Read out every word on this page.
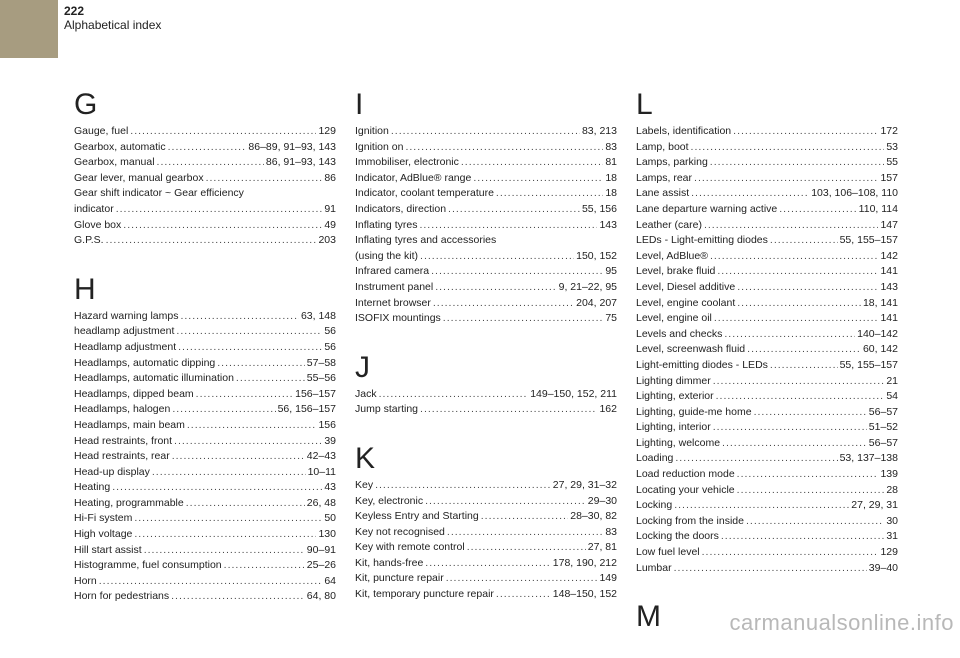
222
Alphabetical index
G
Gauge, fuel .....	129
Gearbox, automatic .....	86–89, 91–93, 143
Gearbox, manual .....	86, 91–93, 143
Gear lever, manual gearbox .....	86
Gear shift indicator ~ Gear efficiency
indicator .....	91
Glove box .....	49
G.P.S. .....	203
H
Hazard warning lamps .....	63, 148
headlamp adjustment .....	56
Headlamp adjustment .....	56
Headlamps, automatic dipping .....	57–58
Headlamps, automatic illumination .....	55–56
Headlamps, dipped beam .....	156–157
Headlamps, halogen .....	56, 156–157
Headlamps, main beam .....	156
Head restraints, front .....	39
Head restraints, rear .....	42–43
Head-up display .....	10–11
Heating .....	43
Heating, programmable .....	26, 48
Hi-Fi system .....	50
High voltage .....	130
Hill start assist .....	90–91
Histogramme, fuel consumption .....	25–26
Horn .....	64
Horn for pedestrians .....	64, 80
I
Ignition .....	83, 213
Ignition on .....	83
Immobiliser, electronic .....	81
Indicator, AdBlue® range .....	18
Indicator, coolant temperature .....	18
Indicators, direction .....	55, 156
Inflating tyres .....	143
Inflating tyres and accessories
(using the kit) .....	150, 152
Infrared camera .....	95
Instrument panel .....	9, 21–22, 95
Internet browser .....	204, 207
ISOFIX mountings .....	75
J
Jack .....	149–150, 152, 211
Jump starting .....	162
K
Key .....	27, 29, 31–32
Key, electronic .....	29–30
Keyless Entry and Starting .....	28–30, 82
Key not recognised .....	83
Key with remote control .....	27, 81
Kit, hands-free .....	178, 190, 212
Kit, puncture repair .....	149
Kit, temporary puncture repair .....	148–150, 152
L
Labels, identification .....	172
Lamp, boot .....	53
Lamps, parking .....	55
Lamps, rear .....	157
Lane assist .....	103, 106–108, 110
Lane departure warning active .....	110, 114
Leather (care) .....	147
LEDs - Light-emitting diodes .....	55, 155–157
Level, AdBlue® .....	142
Level, brake fluid .....	141
Level, Diesel additive .....	143
Level, engine coolant .....	18, 141
Level, engine oil .....	141
Levels and checks .....	140–142
Level, screenwash fluid .....	60, 142
Light-emitting diodes - LEDs .....	55, 155–157
Lighting dimmer .....	21
Lighting, exterior .....	54
Lighting, guide-me home .....	56–57
Lighting, interior .....	51–52
Lighting, welcome .....	56–57
Loading .....	53, 137–138
Load reduction mode .....	139
Locating your vehicle .....	28
Locking .....	27, 29, 31
Locking from the inside .....	30
Locking the doors .....	31
Low fuel level .....	129
Lumbar .....	39–40
M	carmanualsonline.info
